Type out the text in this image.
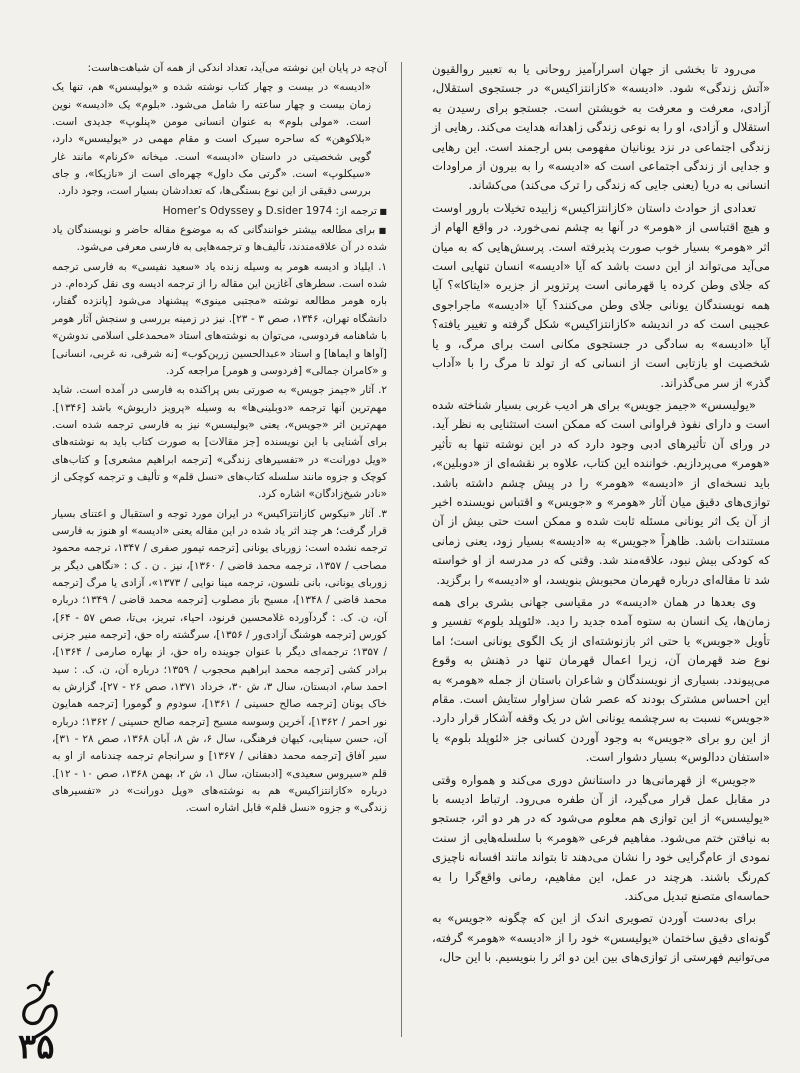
می‌رود تا بخشی از جهان اسرارآمیز روحانی یا به تعبیر روالقیون «آتش زندگی» شود. «ادیسه» «کازانتزاکیس» در جستجوی استقلال، آزادی، معرفت و معرفت به خویشتن است. جستجو برای رسیدن به استقلال و آزادی، او را به نوعی زندگی زاهدانه هدایت می‌کند. رهایی از زندگی اجتماعی در نزد یونانیان مفهومی بس ارجمند است. این رهایی و جدایی از زندگی اجتماعی است که «ادیسه» را به بیرون از مراودات انسانی به دریا (یعنی جایی که زندگی را ترک می‌کند) می‌کشاند.

تعدادی از حوادث داستان «کازانتزاکیس» زاییده تخیلات بارور اوست و هیچ اقتباسی از «هومر» در آنها به چشم نمی‌خورد. در واقع الهام از اثر «هومر» بسیار خوب صورت پذیرفته است. پرسش‌هایی که به میان می‌آید می‌تواند از این دست باشد که آیا «ادیسه» انسان تنهایی است که جلای وطن کرده یا قهرمانی است پرتزویر از جزیره «ایتاکا»؟ آیا همه نویسندگان یونانی جلای وطن می‌کنند؟ آیا «ادیسه» ماجراجوی عجیبی است که در اندیشه «کازانتزاکیس» شکل گرفته و تغییر یافته؟ آیا «ادیسه» به سادگی در جستجوی مکانی است برای مرگ، و یا شخصیت او بازتابی است از انسانی که از تولد تا مرگ را با «آداب گذر» از سر می‌گذراند.

«یولیسس» «جیمز جویس» برای هر ادیب غربی بسیار شناخته شده است و دارای نفوذ فراوانی است که ممکن است استثنایی به نظر آید. در ورای آن تأثیرهای ادبی وجود دارد که در این نوشته تنها به تأثیر «هومر» می‌پردازیم. خواننده این کتاب، علاوه بر نقشه‌ای از «دوبلین»، باید نسخه‌ای از «ادیسه» «هومر» را در پیش چشم داشته باشد. توازی‌های دقیق میان آثار «هومر» و «جویس» و اقتباس نویسنده اخیر از آن یک اثر یونانی مسئله ثابت شده و ممکن است حتی بیش از آن مستندات باشد. ظاهراً «جویس» به «ادیسه» بسیار زود، یعنی زمانی که کودکی بیش نبود، علاقه‌مند شد. وقتی که در مدرسه از او خواسته شد تا مقاله‌ای درباره قهرمان محبوبش بنویسد، او «ادیسه» را برگزید.

وی بعدها در همان «ادیسه» در مقیاسی جهانی بشری برای همه زمان‌ها، یک انسان به ستوه آمده جدید را دید. «لئوپلد بلوم» تفسیر و تأویل «جویس» یا حتی اثر بازنوشته‌ای از یک الگوی یونانی است؛ اما نوع ضد قهرمان آن، زیرا اعمال قهرمان تنها در ذهنش به وقوع می‌پیوندد. بسیاری از نویسندگان و شاعران باستان از جمله «هومر» به این احساس مشترک بودند که عصر شان سزاوار ستایش است. مقام «جویس» نسبت به سرچشمه یونانی اش در یک وقفه آشکار قرار دارد. از این رو برای «جویس» به وجود آوردن کسانی جز «لئوپلد بلوم» یا «استفان ددالوس» بسیار دشوار است.

«جویس» از قهرمانی‌ها در داستانش دوری می‌کند و همواره وقتی در مقابل عمل قرار می‌گیرد، از آن طفره می‌رود. ارتباط ادیسه با «یولیسس» از این توازی هم معلوم می‌شود که در هر دو اثر، جستجو به نیافتن ختم می‌شود. مفاهیم فرعی «هومر» با سلسله‌هایی از سنت نمودی از عام‌گرایی خود را نشان می‌دهند تا بتواند مانند افسانه ناچیزی کم‌رنگ باشند. هرچند در عمل، این مفاهیم، رمانی واقع‌گرا را به حماسه‌ای متصنع تبدیل می‌کند.

برای به‌دست آوردن تصویری اندک از این که چگونه «جویس» به گونه‌ای دقیق ساختمان «یولیسس» خود را از «ادیسه» «هومر» گرفته، می‌توانیم فهرستی از توازی‌های بین این دو اثر را بنویسیم. با این حال،

آن‌چه در پایان این نوشته می‌آید، تعداد اندکی از همه آن شباهت‌هاست:

«ادیسه» در بیست و چهار کتاب نوشته شده و «یولیسس» هم، تنها یک زمان بیست و چهار ساعته را شامل می‌شود. «بلوم» یک «ادیسه» نوین است. «مولی بلوم» به عنوان انسانی مومن «پنلوپ» جدیدی است. «بلاکوهن» که ساحره سیرک است و مقام مهمی در «یولیسس» دارد، گویی شخصیتی در داستان «ادیسه» است. میخانه «کرنام» مانند غار «سیکلوپ» است. «گرتی مک داول» چهره‌ای است از «نازیکا»، و جای بررسی دقیقی از این نوع بستگی‌ها، که تعدادشان بسیار است، وجود دارد.

■ ترجمه از: 1974 D.sider و Homer’s Odyssey

■ برای مطالعه بیشتر خوانندگانی که به موضوع مقاله حاضر و نویسندگان یاد شده در آن علاقه‌مندند، تألیف‌ها و ترجمه‌هایی به فارسی معرفی می‌شود.

۱. ایلیاد و ادیسه هومر به وسیله زنده یاد «سعید نفیسی» به فارسی ترجمه شده است. سطرهای آغازین این مقاله را از ترجمه ادیسه وی نقل کرده‌ام. در باره هومر مطالعه نوشته «مجتبی مینوی» پیشنهاد می‌شود [پانزده گفتار، دانشگاه تهران، ۱۳۴۶، صص ۳ - ۲۳]. نیز در زمینه بررسی و سنجش آثار هومر با شاهنامه فردوسی، می‌توان به نوشته‌های استاد «محمدعلی اسلامی ندوشن» [آواها و ایماها] و استاد «عبدالحسین زرین‌کوب» [نه شرقی، نه غربی، انسانی] و «کامران جمالی» [فردوسی و هومر] مراجعه کرد.

۲. آثار «جیمز جویس» به صورتی بس پراکنده به فارسی در آمده است. شاید مهم‌ترین آنها ترجمه «دوبلینی‌ها» به وسیله «پرویز داریوش» باشد [۱۳۴۶]. مهم‌ترین اثر «جویس»، یعنی «یولیسس» نیز به فارسی ترجمه شده است. برای آشنایی با این نویسنده [جز مقالات] به صورت کتاب باید به نوشته‌های «ویل دورانت» در «تفسیرهای زندگی» [ترجمه ابراهیم مشعری] و کتاب‌های کوچک و جزوه مانند سلسله کتاب‌های «نسل قلم» و تألیف و ترجمه کوچکی از «نادر شیخ‌زادگان» اشاره کرد.

۳. آثار «نیکوس کازانتزاکیس» در ایران مورد توجه و استقبال و اعتنای بسیار قرار گرفت؛ هر چند اثر یاد شده در این مقاله یعنی «ادیسه» او هنوز به فارسی ترجمه نشده است: زوربای یونانی [ترجمه تیمور صفری / ۱۳۴۷، ترجمه محمود مصاحب / ۱۳۵۷، ترجمه محمد قاضی / ۱۳۶۰]، نیز . ن . ک : «نگاهی دیگر بر زوربای یونانی، بانی نلسون، ترجمه مینا نوایی / ۱۳۷۳»، آزادی یا مرگ [ترجمه محمد قاضی / ۱۳۴۸]، مسیح باز مصلوب [ترجمه محمد قاضی / ۱۳۴۹؛ درباره آن، ن. ک. : گردآورده غلامحسین فرنود، احیاء، تبریز، بی‌تا، صص ۵۷ - ۶۴]، کورس [ترجمه هوشنگ آزادی‌ور / ۱۳۵۶]، سرگشته راه حق، [ترجمه منیر جزنی / ۱۳۵۷؛ ترجمه‌ای دیگر با عنوان جوینده راه حق، از بهاره صارمی / ۱۳۶۴]، برادر کشی [ترجمه محمد ابراهیم محجوب / ۱۳۵۹؛ درباره آن، ن. ک. : سید احمد سام، ادبستان، سال ۳، ش ۳۰، خرداد ۱۳۷۱، صص ۲۶ - ۲۷]، گزارش به خاک یونان [ترجمه صالح حسینی / ۱۳۶۱]، سودوم و گومورا [ترجمه همایون نور احمر / ۱۳۶۲]، آخرین وسوسه مسیح [ترجمه صالح حسینی / ۱۳۶۲؛ درباره آن، حسن سینایی، کیهان فرهنگی، سال ۶، ش ۸، آبان ۱۳۶۸، صص ۲۸ - ۳۱]، سیر آفاق [ترجمه محمد دهقانی / ۱۳۶۷] و سرانجام ترجمه چندنامه از او به قلم «سیروس سعیدی» [ادبستان، سال ۱، ش ۲، بهمن ۱۳۶۸، صص ۱۰ - ۱۲]. درباره «کازانتزاکیس» هم به نوشته‌های «ویل دورانت» در «تفسیرهای زندگی» و جزوه «نسل قلم» قابل اشاره است.

۳۵
